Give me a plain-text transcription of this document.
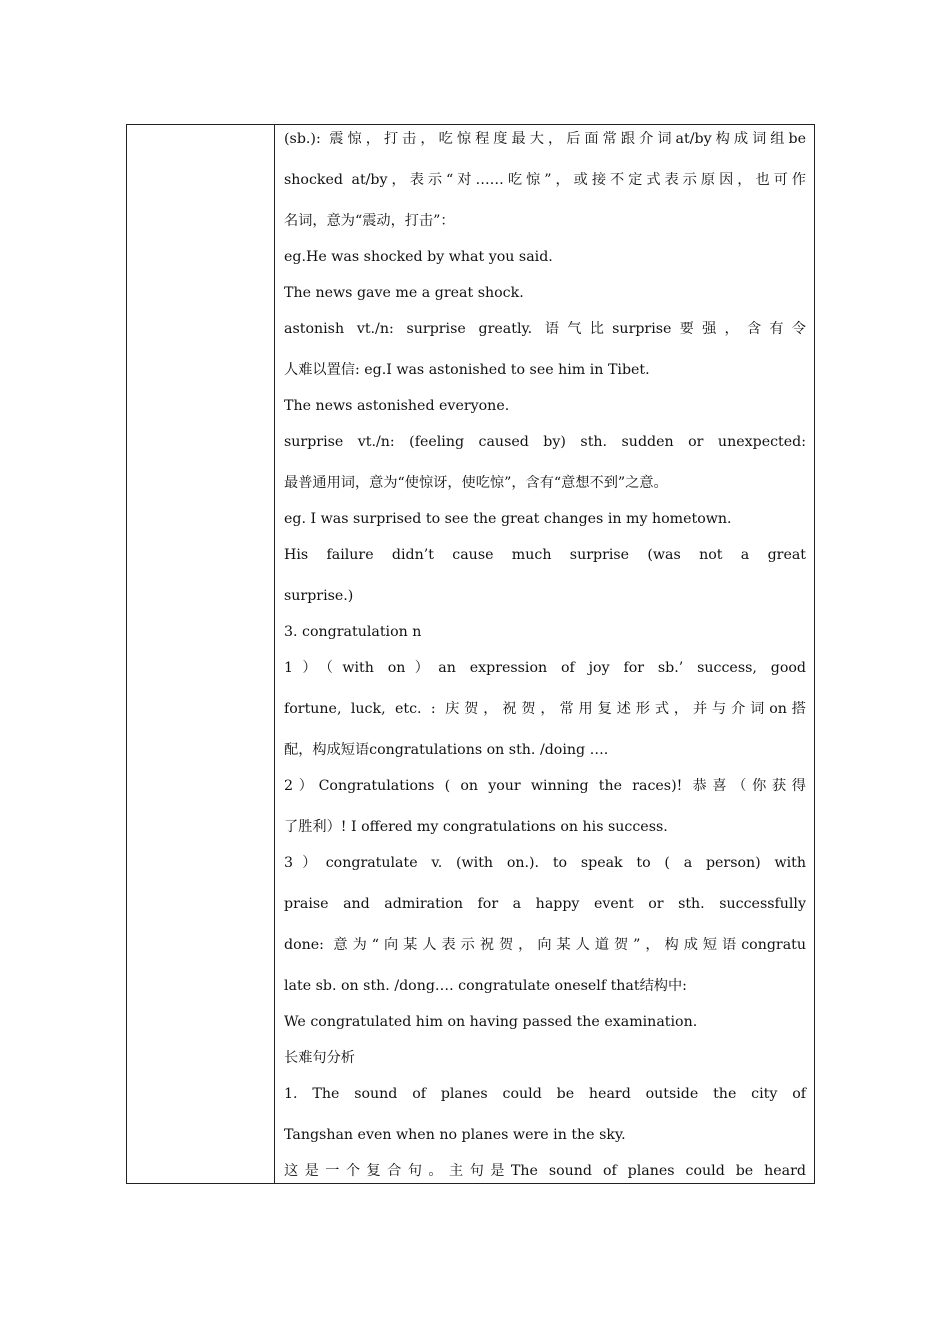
(sb.): 震惊，打击，吃惊程度最大，后面常跟介词at/by构成词组be
shocked at/by，表示“对……吃惊”，或接不定式表示原因，也可作
名词，意为“震动，打击”：
eg.He was shocked by what you said.
The news gave me a great shock.
astonish vt./n: surprise greatly. 语气比surprise要强，含有令
人难以置信: eg.I was astonished to see him in Tibet.
The news astonished everyone.
surprise vt./n: (feeling caused by) sth. sudden or unexpected:
最普通用词，意为“使惊讶，使吃惊”，含有“意想不到”之意。
eg. I was surprised to see the great changes in my hometown.
His failure didn’t cause much surprise (was not a great
surprise.)
3. congratulation n
1）（with on）an expression of joy for sb.’ success, good
fortune, luck, etc. : 庆贺，祝贺，常用复述形式，并与介词on搭
配，构成短语congratulations on sth. /doing ….
2）Congratulations ( on your winning the races)! 恭喜（你获得
了胜利）! I offered my congratulations on his success.
3）congratulate v. (with on.). to speak to ( a person) with
praise and admiration for a happy event or sth. successfully
done: 意为“向某人表示祝贺，向某人道贺”，构成短语congratu
late sb. on sth. /dong…. congratulate oneself that结构中:
We congratulated him on having passed the examination.
长难句分析
1. The sound of planes could be heard outside the city of
Tangshan even when no planes were in the sky.
这是一个复合句。主句是The sound of planes could be heard
